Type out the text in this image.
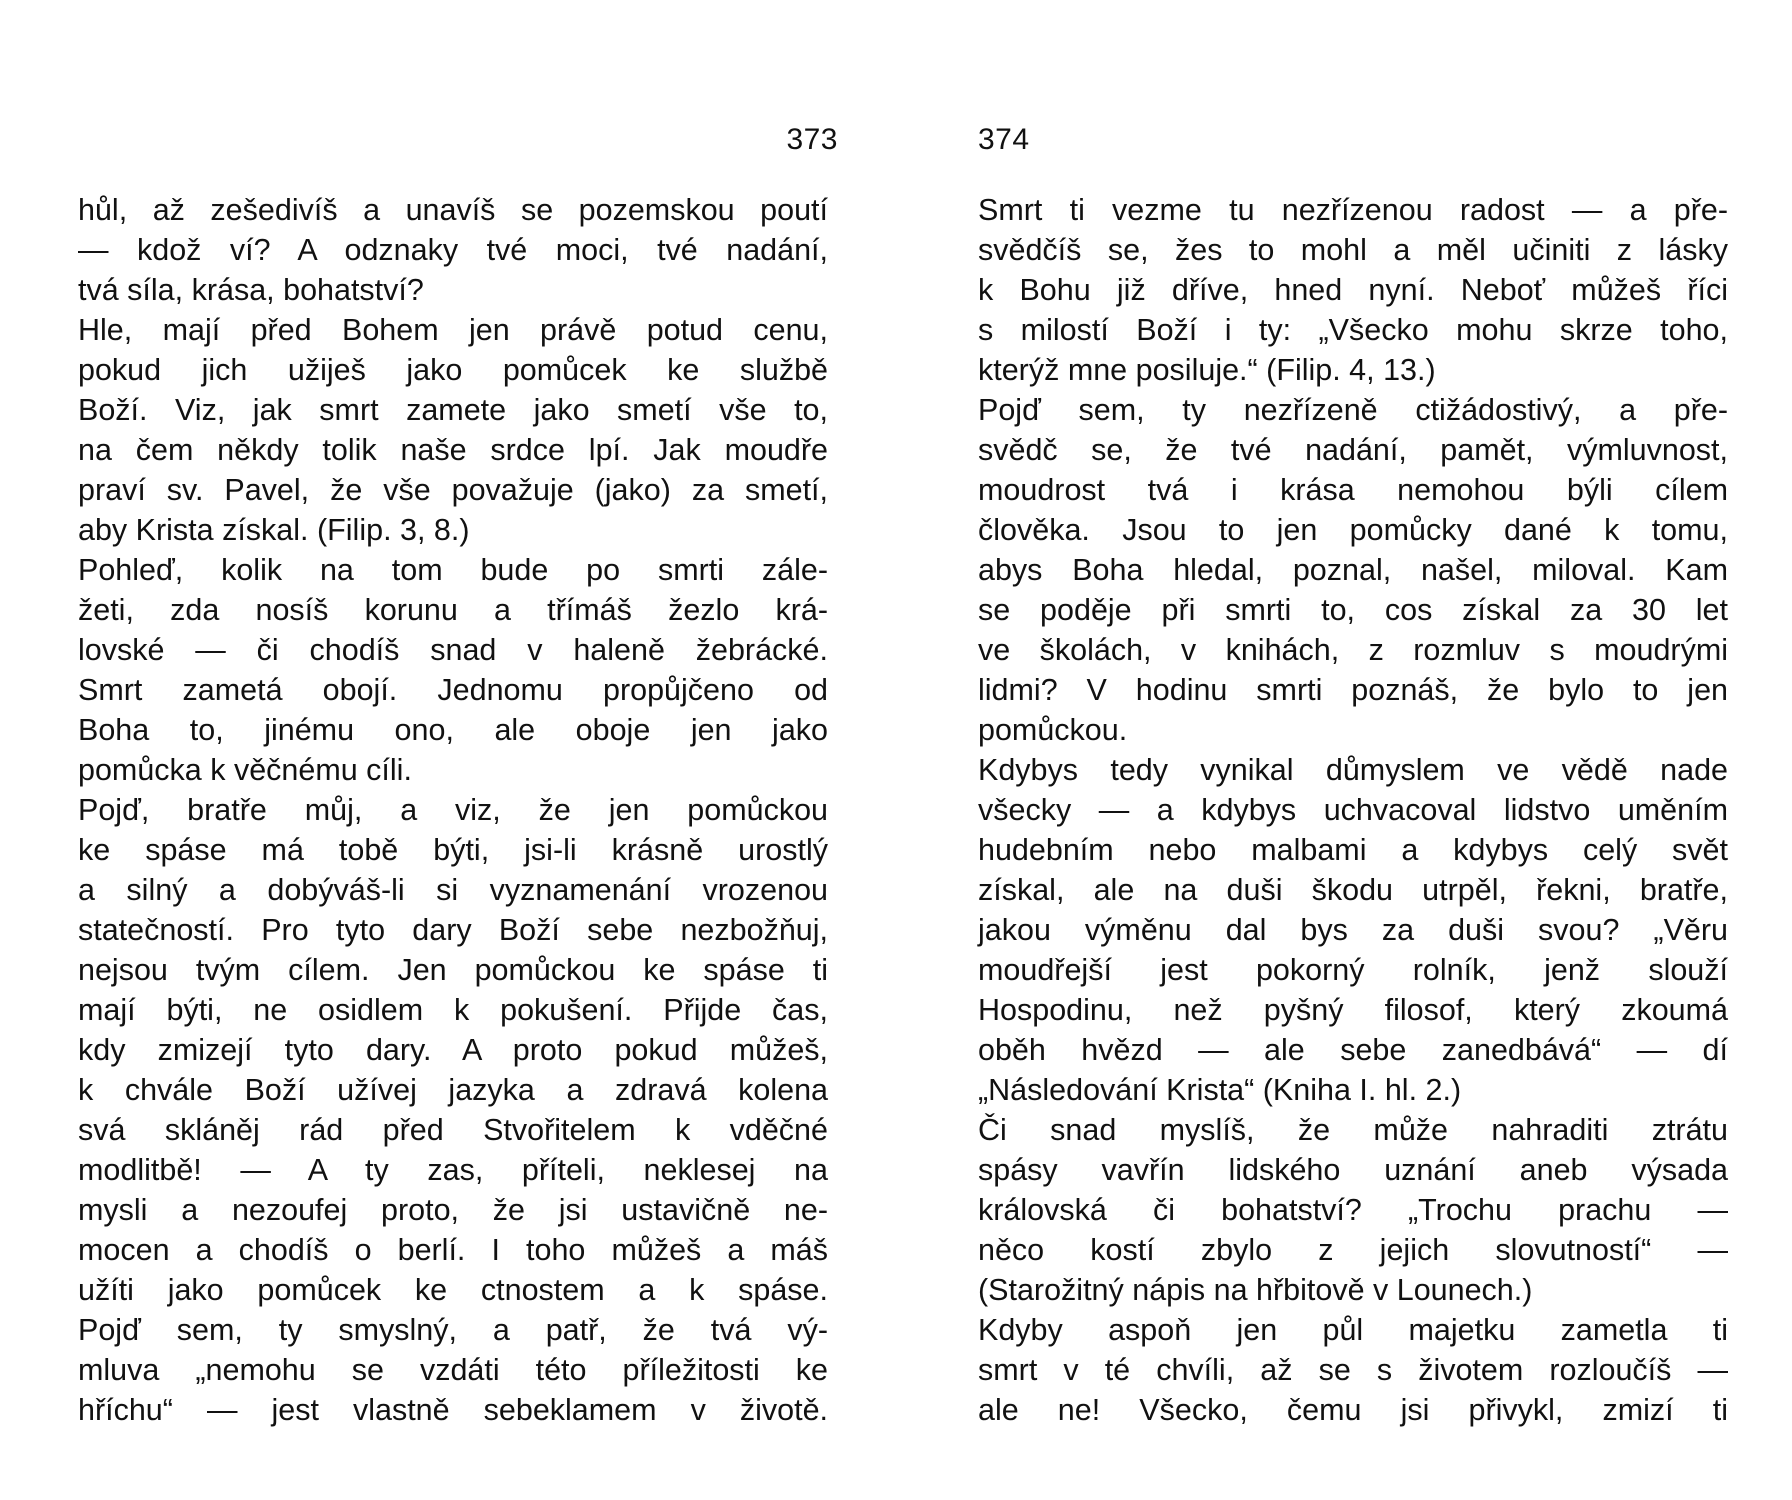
373
hůl, až zešedivíš a unavíš se pozemskou poutí
— kdož ví? A odznaky tvé moci, tvé nadání,
tvá síla, krása, bohatství?
Hle, mají před Bohem jen právě potud cenu,
pokud jich užiješ jako pomůcek ke službě
Boží. Viz, jak smrt zamete jako smetí vše to,
na čem někdy tolik naše srdce lpí. Jak moudře
praví sv. Pavel, že vše považuje (jako) za smetí,
aby Krista získal. (Filip. 3, 8.)
Pohleď, kolik na tom bude po smrti zále-
žeti, zda nosíš korunu a třímáš žezlo krá-
lovské — či chodíš snad v haleně žebrácké.
Smrt zametá obojí. Jednomu propůjčeno od
Boha to, jinému ono, ale oboje jen jako
pomůcka k věčnému cíli.
Pojď, bratře můj, a viz, že jen pomůckou
ke spáse má tobě býti, jsi-li krásně urostlý
a silný a dobýváš-li si vyznamenání vrozenou
statečností. Pro tyto dary Boží sebe nezbožňuj,
nejsou tvým cílem. Jen pomůckou ke spáse ti
mají býti, ne osidlem k pokušení. Přijde čas,
kdy zmizejí tyto dary. A proto pokud můžeš,
k chvále Boží užívej jazyka a zdravá kolena
svá skláněj rád před Stvořitelem k vděčné
modlitbě! — A ty zas, příteli, neklesej na
mysli a nezoufej proto, že jsi ustavičně ne-
mocen a chodíš o berlí. I toho můžeš a máš
užíti jako pomůcek ke ctnostem a k spáse.
Pojď sem, ty smyslný, a patř, že tvá vý-
mluva „nemohu se vzdáti této příležitosti ke
hříchu“ — jest vlastně sebeklamem v životě.
374
Smrt ti vezme tu nezřízenou radost — a pře-
svědčíš se, žes to mohl a měl učiniti z lásky
k Bohu již dříve, hned nyní. Neboť můžeš říci
s milostí Boží i ty: „Všecko mohu skrze toho,
kterýž mne posiluje.“ (Filip. 4, 13.)
Pojď sem, ty nezřízeně ctižádostivý, a pře-
svědč se, že tvé nadání, pamět, výmluvnost,
moudrost tvá i krása nemohou býli cílem
člověka. Jsou to jen pomůcky dané k tomu,
abys Boha hledal, poznal, našel, miloval. Kam
se poděje při smrti to, cos získal za 30 let
ve školách, v knihách, z rozmluv s moudrými
lidmi? V hodinu smrti poznáš, že bylo to jen
pomůckou.
Kdybys tedy vynikal důmyslem ve vědě nade
všecky — a kdybys uchvacoval lidstvo uměním
hudebním nebo malbami a kdybys celý svět
získal, ale na duši škodu utrpěl, řekni, bratře,
jakou výměnu dal bys za duši svou? „Věru
moudřejší jest pokorný rolník, jenž slouží
Hospodinu, než pyšný filosof, který zkoumá
oběh hvězd — ale sebe zanedbává“ — dí
„Následování Krista“ (Kniha I. hl. 2.)
Či snad myslíš, že může nahraditi ztrátu
spásy vavřín lidského uznání aneb výsada
královská či bohatství? „Trochu prachu —
něco kostí zbylo z jejich slovutností“ —
(Starožitný nápis na hřbitově v Lounech.)
Kdyby aspoň jen půl majetku zametla ti
smrt v té chvíli, až se s životem rozloučíš —
ale ne! Všecko, čemu jsi přivykl, zmizí ti
